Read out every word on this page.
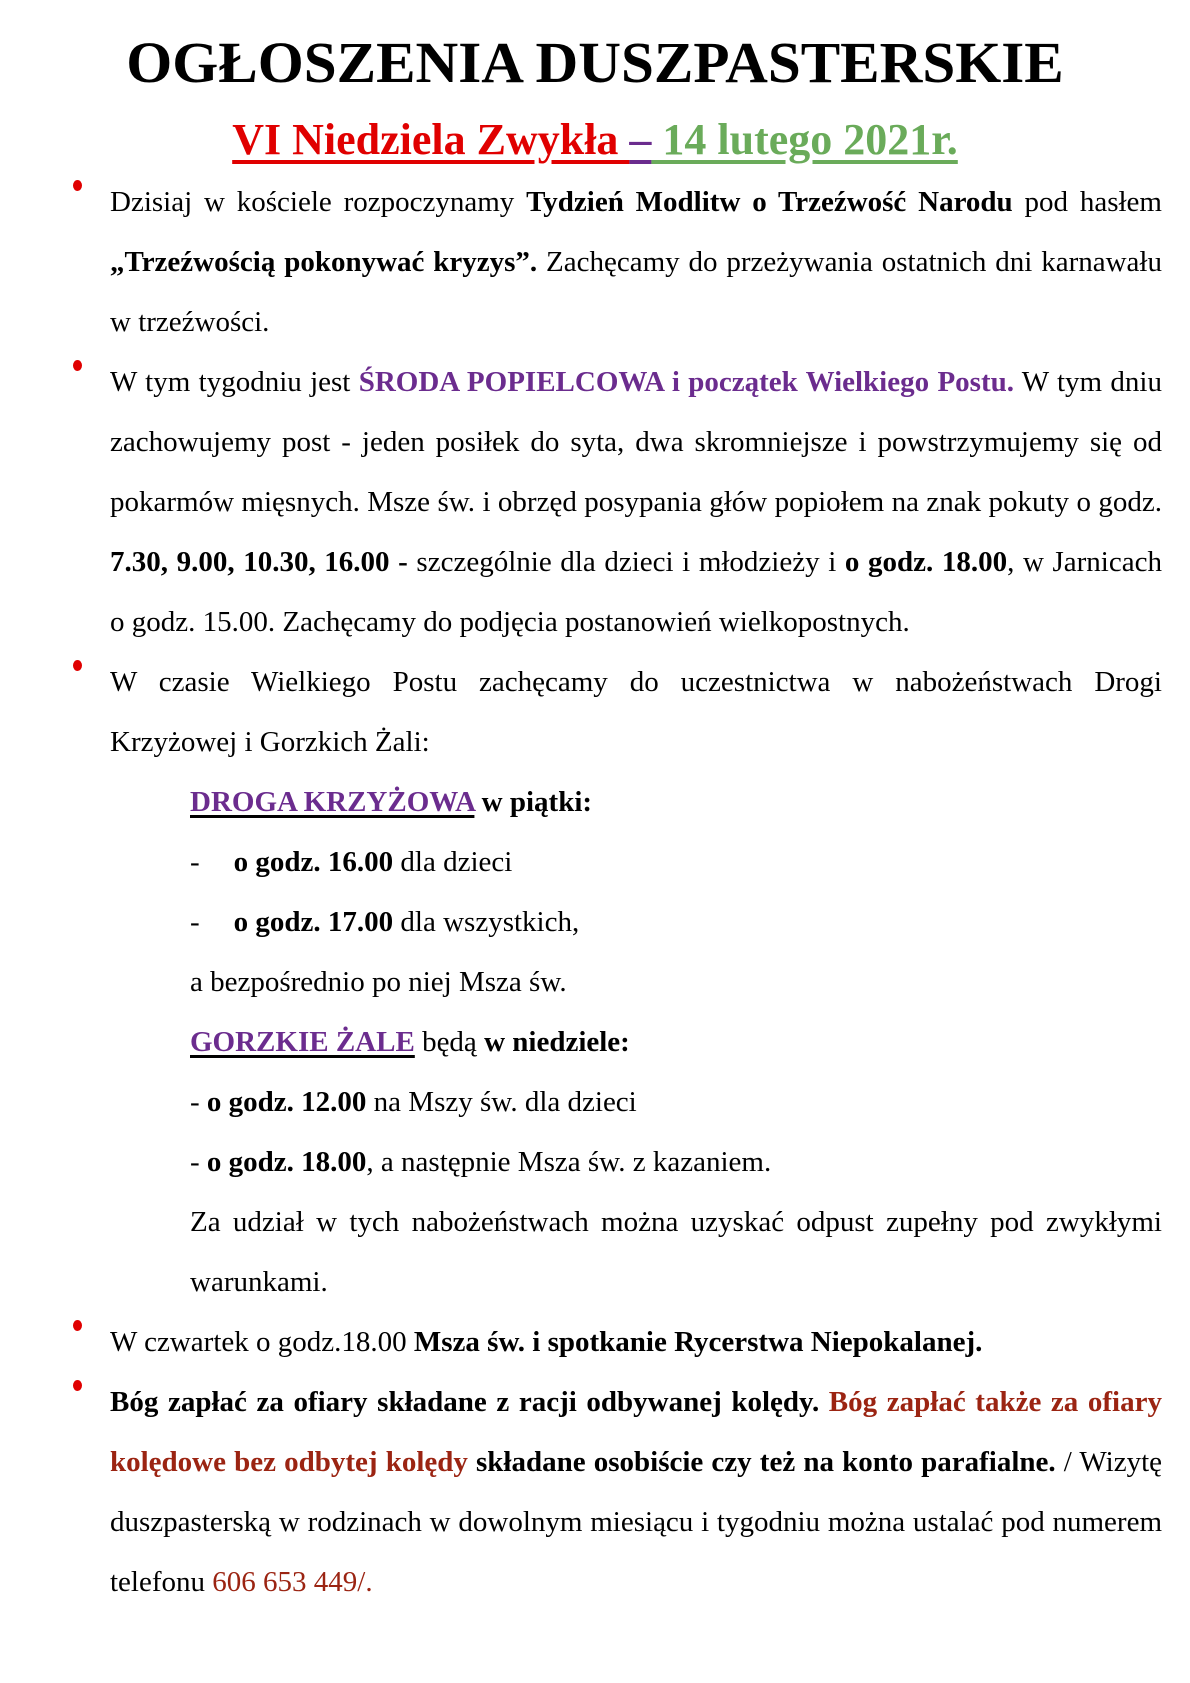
OGŁOSZENIA DUSZPASTERSKIE
VI Niedziela Zwykła – 14 lutego 2021r.
Dzisiaj w kościele rozpoczynamy Tydzień Modlitw o Trzeźwość Narodu pod hasłem „Trzeźwością pokonywać kryzys”. Zachęcamy do przeżywania ostatnich dni karnawału w trzeźwości.
W tym tygodniu jest ŚRODA POPIELCOWA i początek Wielkiego Postu. W tym dniu zachowujemy post - jeden posiłek do syta, dwa skromniejsze i powstrzymujemy się od pokarmów mięsnych. Msze św. i obrzęd posypania głów popiołem na znak pokuty o godz. 7.30, 9.00, 10.30, 16.00 - szczególnie dla dzieci i młodzieży i o godz. 18.00, w Jarnicach o godz. 15.00. Zachęcamy do podjęcia postanowień wielkopostnych.
W czasie Wielkiego Postu zachęcamy do uczestnictwa w nabożeństwach Drogi Krzyżowej i Gorzkich Żali:
DROGA KRZYŻOWA w piątki:
- o godz. 16.00 dla dzieci
- o godz. 17.00 dla wszystkich,
a bezpośrednio po niej Msza św.
GORZKIE ŻALE będą w niedziele:
- o godz. 12.00 na Mszy św. dla dzieci
- o godz. 18.00, a następnie Msza św. z kazaniem.
Za udział w tych nabożeństwach można uzyskać odpust zupełny pod zwykłymi warunkami.
W czwartek o godz.18.00 Msza św. i spotkanie Rycerstwa Niepokalanej.
Bóg zapłać za ofiary składane z racji odbywanej kolędy. Bóg zapłać także za ofiary kolędowe bez odbytej kolędy składane osobiście czy też na konto parafialne. / Wizytę duszpasterską w rodzinach w dowolnym miesiącu i tygodniu można ustalać pod numerem telefonu 606 653 449/.
